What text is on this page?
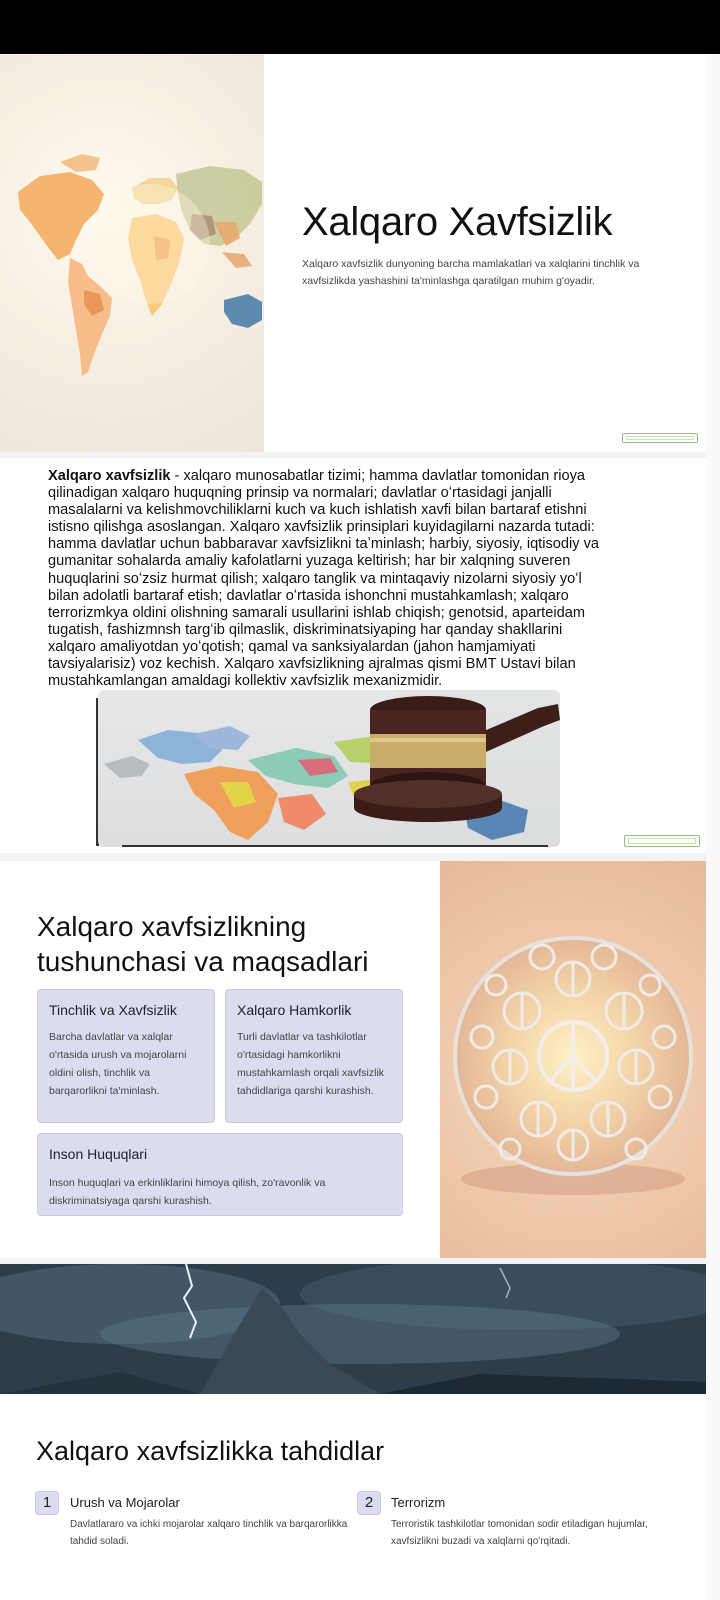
Xalqaro Xavfsizlik

Xalqaro xavfsizlik dunyoning barcha mamlakatlari va xalqlarini tinchlik va xavfsizlikda yashashini ta'minlashga qaratilgan muhim g'oyadir.

Xalqaro xavfsizlik - xalqaro munosabatlar tizimi; hamma davlatlar tomonidan rioya qilinadigan xalqaro huquqning prinsip va normalari; davlatlar oʻrtasidagi janjalli masalalarni va kelishmovchiliklarni kuch va kuch ishlatish xavfi bilan bartaraf etishni istisno qilishga asoslangan. Xalqaro xavfsizlik prinsiplari kuyidagilarni nazarda tutadi: hamma davlatlar uchun babbaravar xavfsizlikni taʼminlash; harbiy, siyosiy, iqtisodiy va gumanitar sohalarda amaliy kafolatlarni yuzaga keltirish; har bir xalqning suveren huquqlarini soʻzsiz hurmat qilish; xalqaro tanglik va mintaqaviy nizolarni siyosiy yoʻl bilan adolatli bartaraf etish; davlatlar oʻrtasida ishonchni mustahkamlash; xalqaro terrorizmkya oldini olishning samarali usullarini ishlab chiqish; genotsid, aparteidam tugatish, fashizmnsh targʻib qilmaslik, diskriminatsiyaping har qanday shakllarini xalqaro amaliyotdan yoʻqotish; qamal va sanksiyalardan (jahon hamjamiyati tavsiyalarisiz) voz kechish. Xalqaro xavfsizlikning ajralmas qismi BMT Ustavi bilan mustahkamlangan amaldagi kollektiv xavfsizlik mexanizmidir.

Xalqaro xavfsizlikning tushunchasi va maqsadlari
Tinchlik va Xavfsizlik
Barcha davlatlar va xalqlar o'rtasida urush va mojarolarni oldini olish, tinchlik va barqarorlikni ta'minlash.
Xalqaro Hamkorlik
Turli davlatlar va tashkilotlar o'rtasidagi hamkorlikni mustahkamlash orqali xavfsizlik tahdidlariga qarshi kurashish.
Inson Huquqlari
Inson huquqlari va erkinliklarini himoya qilish, zo'ravonlik va diskriminatsiyaga qarshi kurashish.
Xalqaro xavfsizlikka tahdidlar
1	Urush va Mojarolar
Davlatlararo va ichki mojarolar xalqaro tinchlik va barqarorlikka tahdid soladi.
2	Terrorizm
Terroristik tashkilotlar tomonidan sodir etiladigan hujumlar, xavfsizlikni buzadi va xalqlarni qo'rqitadi.
